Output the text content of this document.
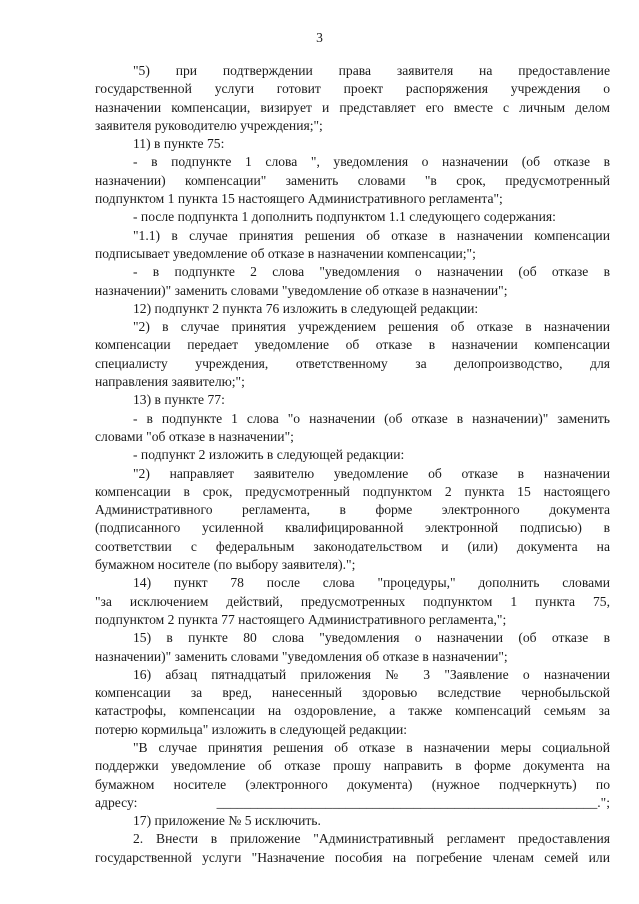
3
"5) при подтверждении права заявителя на предоставление
государственной услуги готовит проект распоряжения учреждения о
назначении компенсации, визирует и представляет его вместе с личным делом
заявителя руководителю учреждения;";
11) в пункте 75:
- в подпункте 1 слова ", уведомления о назначении (об отказе в
назначении) компенсации" заменить словами "в срок, предусмотренный
подпунктом 1 пункта 15 настоящего Административного регламента";
- после подпункта 1 дополнить подпунктом 1.1 следующего содержания:
"1.1) в случае принятия решения об отказе в назначении компенсации
подписывает уведомление об отказе в назначении компенсации;";
- в подпункте 2 слова "уведомления о назначении (об отказе в
назначении)" заменить словами "уведомление об отказе в назначении";
12) подпункт 2 пункта 76 изложить в следующей редакции:
"2) в случае принятия учреждением решения об отказе в назначении
компенсации передает уведомление об отказе в назначении компенсации
специалисту учреждения, ответственному за делопроизводство, для
направления заявителю;";
13) в пункте 77:
- в подпункте 1 слова "о назначении (об отказе в назначении)" заменить
словами "об отказе в назначении";
- подпункт 2 изложить в следующей редакции:
"2) направляет заявителю уведомление об отказе в назначении
компенсации в срок, предусмотренный подпунктом 2 пункта 15 настоящего
Административного регламента, в форме электронного документа
(подписанного усиленной квалифицированной электронной подписью) в
соответствии с федеральным законодательством и (или) документа на
бумажном носителе (по выбору заявителя).";
14) пункт 78 после слова "процедуры," дополнить словами
"за исключением действий, предусмотренных подпунктом 1 пункта 75,
подпунктом 2 пункта 77 настоящего Административного регламента,";
15) в пункте 80 слова "уведомления о назначении (об отказе в
назначении)" заменить словами "уведомления об отказе в назначении";
16) абзац пятнадцатый приложения № 3 "Заявление о назначении
компенсации за вред, нанесенный здоровью вследствие чернобыльской
катастрофы, компенсации на оздоровление, а также компенсаций семьям за
потерю кормильца" изложить в следующей редакции:
"В случае принятия решения об отказе в назначении меры социальной
поддержки уведомление об отказе прошу направить в форме документа на
бумажном носителе (электронного документа) (нужное подчеркнуть) по
адресу: ________________________________________________________.";
17) приложение № 5 исключить.
2. Внести в приложение "Административный регламент предоставления
государственной услуги "Назначение пособия на погребение членам семей или
